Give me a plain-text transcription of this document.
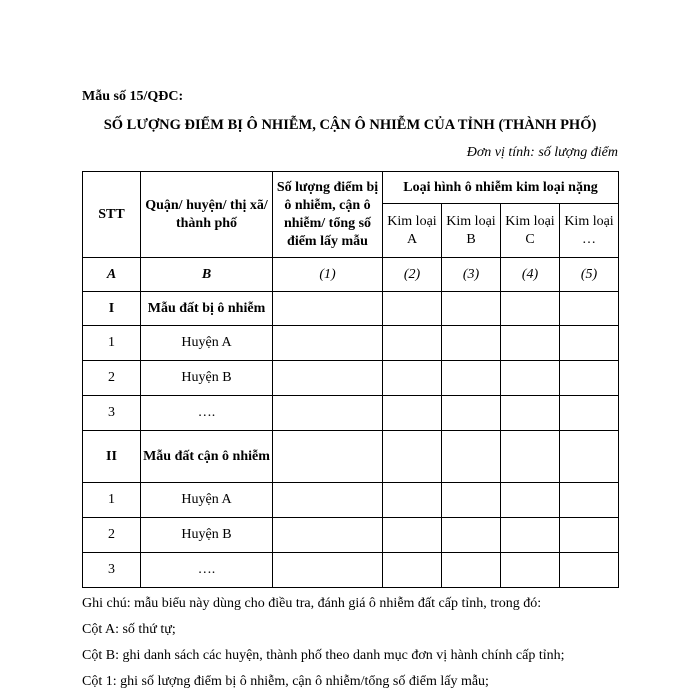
Mẫu số 15/QĐC:
SỐ LƯỢNG ĐIỂM BỊ Ô NHIỄM, CẬN Ô NHIỄM CỦA TỈNH (THÀNH PHỐ)
Đơn vị tính: số lượng điểm
STT	Quận/ huyện/ thị xã/ thành phố	Số lượng điểm bị ô nhiễm, cận ô nhiễm/ tổng số điểm lấy mẫu	Loại hình ô nhiễm kim loại nặng			
			Kim loại A	Kim loại B	Kim loại C	Kim loại …
A	B	(1)	(2)	(3)	(4)	(5)
I	Mẫu đất bị ô nhiễm					
1	Huyện A					
2	Huyện B					
3	….					
II	Mẫu đất cận ô nhiễm					
1	Huyện A					
2	Huyện B					
3	….					

Ghi chú: mẫu biểu này dùng cho điều tra, đánh giá ô nhiễm đất cấp tỉnh, trong đó:

Cột A: số thứ tự;

Cột B: ghi danh sách các huyện, thành phố theo danh mục đơn vị hành chính cấp tỉnh;

Cột 1: ghi số lượng điểm bị ô nhiễm, cận ô nhiễm/tổng số điểm lấy mẫu;
